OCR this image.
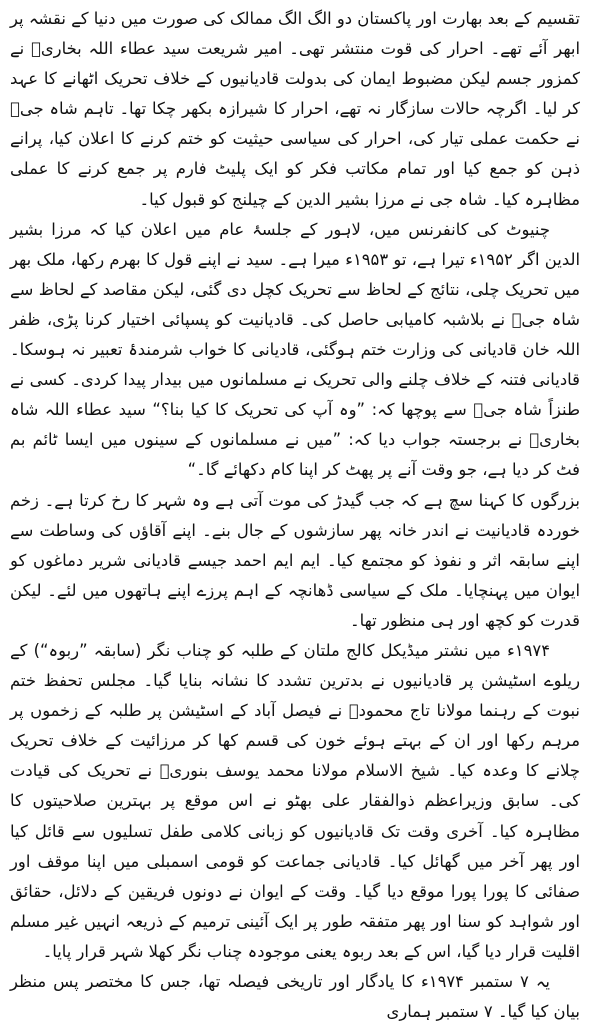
تقسیم کے بعد بھارت اور پاکستان دو الگ الگ ممالک کی صورت میں دنیا کے نقشہ پر ابھر آئے تھے۔ احرار کی قوت منتشر تھی۔ امیر شریعت سید عطاء اللہ بخاریؒ نے کمزور جسم لیکن مضبوط ایمان کی بدولت قادیانیوں کے خلاف تحریک اٹھانے کا عہد کر لیا۔ اگرچہ حالات سازگار نہ تھے، احرار کا شیرازہ بکھر چکا تھا۔ تاہم شاہ جیؒ نے حکمت عملی تیار کی، احرار کی سیاسی حیثیت کو ختم کرنے کا اعلان کیا، پرانے ذہن کو جمع کیا اور تمام مکاتب فکر کو ایک پلیٹ فارم پر جمع کرنے کا عملی مظاہرہ کیا۔ شاہ جی نے مرزا بشیر الدین کے چیلنج کو قبول کیا۔

چنیوٹ کی کانفرنس میں، لاہور کے جلسۂ عام میں اعلان کیا کہ مرزا بشیر الدین اگر ۱۹۵۲ء تیرا ہے، تو ۱۹۵۳ء میرا ہے۔ سید نے اپنے قول کا بھرم رکھا، ملک بھر میں تحریک چلی، نتائج کے لحاظ سے تحریک کچل دی گئی، لیکن مقاصد کے لحاظ سے شاہ جیؒ نے بلاشبہ کامیابی حاصل کی۔ قادیانیت کو پسپائی اختیار کرنا پڑی، ظفر اللہ خان قادیانی کی وزارت ختم ہوگئی، قادیانی کا خواب شرمندۂ تعبیر نہ ہوسکا۔ قادیانی فتنہ کے خلاف چلنے والی تحریک نے مسلمانوں میں بیدار پیدا کردی۔ کسی نے طنزاً شاہ جیؒ سے پوچھا کہ: ”وہ آپ کی تحریک کا کیا بنا؟“ سید عطاء اللہ شاہ بخاریؒ نے برجستہ جواب دیا کہ: ”میں نے مسلمانوں کے سینوں میں ایسا ٹائم بم فٹ کر دیا ہے، جو وقت آنے پر پھٹ کر اپنا کام دکھائے گا۔“

بزرگوں کا کہنا سچ ہے کہ جب گیدڑ کی موت آتی ہے وہ شہر کا رخ کرتا ہے۔ زخم خوردہ قادیانیت نے اندر خانہ پھر سازشوں کے جال بنے۔ اپنے آقاؤں کی وساطت سے اپنے سابقہ اثر و نفوذ کو مجتمع کیا۔ ایم ایم احمد جیسے قادیانی شریر دماغوں کو ایوان میں پہنچایا۔ ملک کے سیاسی ڈھانچہ کے اہم پرزے اپنے ہاتھوں میں لئے۔ لیکن قدرت کو کچھ اور ہی منظور تھا۔

۱۹۷۴ء میں نشتر میڈیکل کالج ملتان کے طلبہ کو چناب نگر (سابقہ ”ربوہ“) کے ریلوے اسٹیشن پر قادیانیوں نے بدترین تشدد کا نشانہ بنایا گیا۔ مجلس تحفظ ختم نبوت کے رہنما مولانا تاج محمودؒ نے فیصل آباد کے اسٹیشن پر طلبہ کے زخموں پر مرہم رکھا اور ان کے بہتے ہوئے خون کی قسم کھا کر مرزائیت کے خلاف تحریک چلانے کا وعدہ کیا۔ شیخ الاسلام مولانا محمد یوسف بنوریؒ نے تحریک کی قیادت کی۔ سابق وزیراعظم ذوالفقار علی بھٹو نے اس موقع پر بہترین صلاحیتوں کا مظاہرہ کیا۔ آخری وقت تک قادیانیوں کو زبانی کلامی طفل تسلیوں سے قائل کیا اور پھر آخر میں گھائل کیا۔ قادیانی جماعت کو قومی اسمبلی میں اپنا موقف اور صفائی کا پورا پورا موقع دیا گیا۔ وقت کے ایوان نے دونوں فریقین کے دلائل، حقائق اور شواہد کو سنا اور پھر متفقہ طور پر ایک آئینی ترمیم کے ذریعہ انہیں غیر مسلم اقلیت قرار دیا گیا، اس کے بعد ربوہ یعنی موجودہ چناب نگر کھلا شہر قرار پایا۔

یہ ۷ ستمبر ۱۹۷۴ء کا یادگار اور تاریخی فیصلہ تھا، جس کا مختصر پس منظر بیان کیا گیا۔ ۷ ستمبر ہماری
